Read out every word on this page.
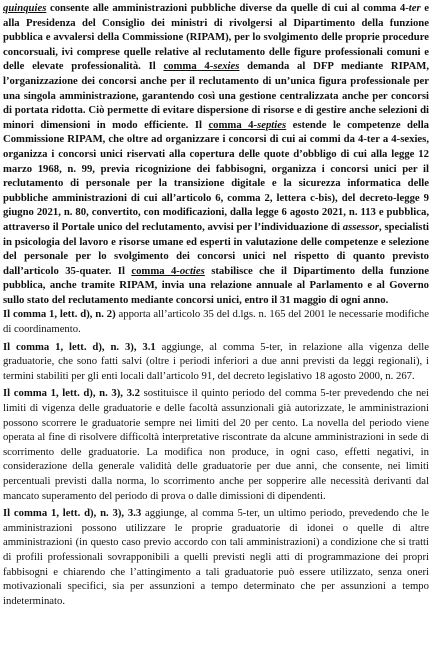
quinquies consente alle amministrazioni pubbliche diverse da quelle di cui al comma 4-ter e alla Presidenza del Consiglio dei ministri di rivolgersi al Dipartimento della funzione pubblica e avvalersi della Commissione (RIPAM), per lo svolgimento delle proprie procedure concorsuali, ivi comprese quelle relative al reclutamento delle figure professionali comuni e delle elevate professionalità. Il comma 4-sexies demanda al DFP mediante RIPAM, l’organizzazione dei concorsi anche per il reclutamento di un’unica figura professionale per una singola amministrazione, garantendo così una gestione centralizzata anche per concorsi di portata ridotta. Ciò permette di evitare dispersione di risorse e di gestire anche selezioni di minori dimensioni in modo efficiente. Il comma 4-septies estende le competenze della Commissione RIPAM, che oltre ad organizzare i concorsi di cui ai commi da 4-ter a 4-sexies, organizza i concorsi unici riservati alla copertura delle quote d’obbligo di cui alla legge 12 marzo 1968, n. 99, previa ricognizione dei fabbisogni, organizza i concorsi unici per il reclutamento di personale per la transizione digitale e la sicurezza informatica delle pubbliche amministrazioni di cui all’articolo 6, comma 2, lettera c-bis), del decreto-legge 9 giugno 2021, n. 80, convertito, con modificazioni, dalla legge 6 agosto 2021, n. 113 e pubblica, attraverso il Portale unico del reclutamento, avvisi per l’individuazione di assessor, specialisti in psicologia del lavoro e risorse umane ed esperti in valutazione delle competenze e selezione del personale per lo svolgimento dei concorsi unici nel rispetto di quanto previsto dall’articolo 35-quater. Il comma 4-octies stabilisce che il Dipartimento della funzione pubblica, anche tramite RIPAM, invia una relazione annuale al Parlamento e al Governo sullo stato del reclutamento mediante concorsi unici, entro il 31 maggio di ogni anno.

Il comma 1, lett. d), n. 2) apporta all’articolo 35 del d.lgs. n. 165 del 2001 le necessarie modifiche di coordinamento.

Il comma 1, lett. d), n. 3), 3.1 aggiunge, al comma 5-ter, in relazione alla vigenza delle graduatorie, che sono fatti salvi (oltre i periodi inferiori a due anni previsti da leggi regionali), i termini stabiliti per gli enti locali dall’articolo 91, del decreto legislativo 18 agosto 2000, n. 267.

Il comma 1, lett. d), n. 3), 3.2 sostituisce il quinto periodo del comma 5-ter prevedendo che nei limiti di vigenza delle graduatorie e delle facoltà assunzionali già autorizzate, le amministrazioni possono scorrere le graduatorie sempre nei limiti del 20 per cento. La novella del periodo viene operata al fine di risolvere difficoltà interpretative riscontrate da alcune amministrazioni in sede di scorrimento delle graduatorie. La modifica non produce, in ogni caso, effetti negativi, in considerazione della generale validità delle graduatorie per due anni, che consente, nei limiti percentuali previsti dalla norma, lo scorrimento anche per sopperire alle necessità derivanti dal mancato superamento del periodo di prova o dalle dimissioni di dipendenti.

Il comma 1, lett. d), n. 3), 3.3 aggiunge, al comma 5-ter, un ultimo periodo, prevedendo che le amministrazioni possono utilizzare le proprie graduatorie di idonei o quelle di altre amministrazioni (in questo caso previo accordo con tali amministrazioni) a condizione che si tratti di profili professionali sovrapponibili a quelli previsti negli atti di programmazione dei propri fabbisogni e chiarendo che l’attingimento a tali graduatorie può essere utilizzato, senza oneri motivazionali specifici, sia per assunzioni a tempo determinato che per assunzioni a tempo indeterminato.
